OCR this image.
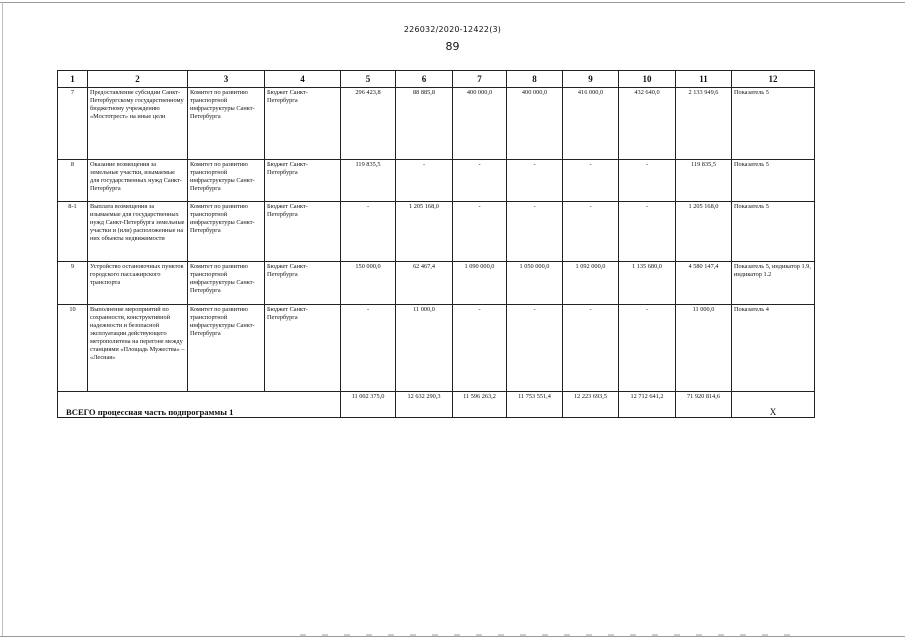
226032/2020-12422(3)
89
1	2	3	4	5	6	7	8	9	10	11	12
7	Предоставление субсидии Санкт-Петербургскому государственному бюджетному учреждению «Мостотрест» на иные цели	Комитет по развитию транспортной инфраструктуры Санкт-Петербурга	Бюджет Санкт-Петербурга	296 423,8	88 885,8	400 000,0	400 000,0	416 000,0	432 640,0	2 133 949,6	Показатель 5
8	Оказание возмещения за земельные участки, изымаемые для государственных нужд Санкт-Петербурга	Комитет по развитию транспортной инфраструктуры Санкт-Петербурга	Бюджет Санкт-Петербурга	119 835,5	-	-	-	-	-	119 835,5	Показатель 5
8-1	Выплата возмещения за изымаемые для государственных нужд Санкт-Петербурга земельные участки и (или) расположенные на них объекты недвижимости	Комитет по развитию транспортной инфраструктуры Санкт-Петербурга	Бюджет Санкт-Петербурга	-	1 205 168,0	-	-	-	-	1 205 168,0	Показатель 5
9	Устройство остановочных пунктов городского пассажирского транспорта	Комитет по развитию транспортной инфраструктуры Санкт-Петербурга	Бюджет Санкт-Петербурга	150 000,0	62 467,4	1 090 000,0	1 050 000,0	1 092 000,0	1 135 680,0	4 580 147,4	Показатель 5, индикатор 1.9, индикатор 1.2
10	Выполнение мероприятий по сохранности, конструктивной надежности и безопасной эксплуатации действующего метрополитена на перегоне между станциями «Площадь Мужества» – «Лесная»	Комитет по развитию транспортной инфраструктуры Санкт-Петербурга	Бюджет Санкт-Петербурга	-	11 000,0	-	-	-	-	11 000,0	Показатель 4
ВСЕГО процессная часть подпрограммы 1				11 002 375,0	12 632 290,3	11 596 263,2	11 753 551,4	12 223 693,5	12 712 641,2	71 920 814,6	Х
